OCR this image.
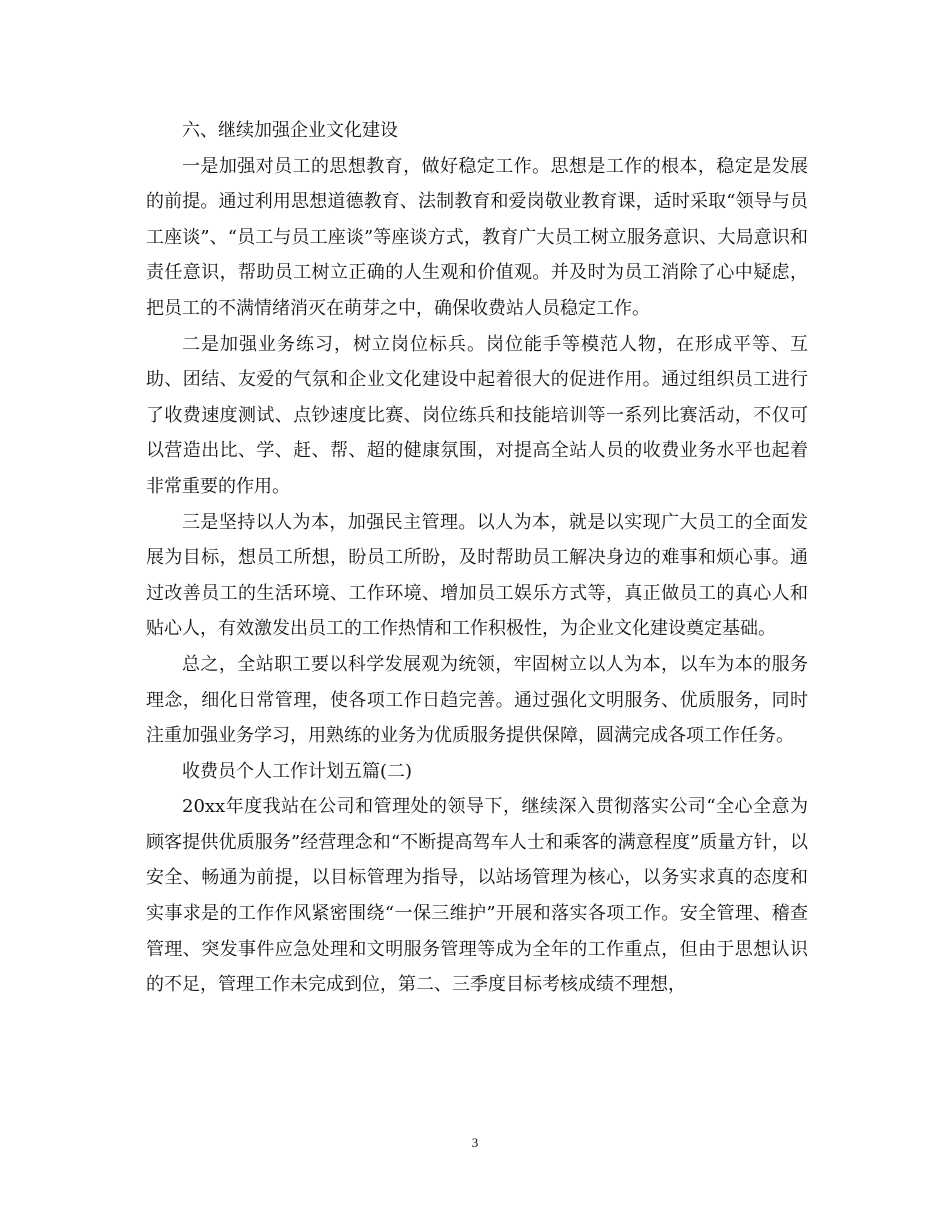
六、继续加强企业文化建设

一是加强对员工的思想教育，做好稳定工作。思想是工作的根本，稳定是发展的前提。通过利用思想道德教育、法制教育和爱岗敬业教育课，适时采取“领导与员工座谈”、“员工与员工座谈”等座谈方式，教育广大员工树立服务意识、大局意识和责任意识，帮助员工树立正确的人生观和价值观。并及时为员工消除了心中疑虑，把员工的不满情绪消灭在萌芽之中，确保收费站人员稳定工作。

二是加强业务练习，树立岗位标兵。岗位能手等模范人物，在形成平等、互助、团结、友爱的气氛和企业文化建设中起着很大的促进作用。通过组织员工进行了收费速度测试、点钞速度比赛、岗位练兵和技能培训等一系列比赛活动，不仅可以营造出比、学、赶、帮、超的健康氛围，对提高全站人员的收费业务水平也起着非常重要的作用。

三是坚持以人为本，加强民主管理。以人为本，就是以实现广大员工的全面发展为目标，想员工所想，盼员工所盼，及时帮助员工解决身边的难事和烦心事。通过改善员工的生活环境、工作环境、增加员工娱乐方式等，真正做员工的真心人和贴心人，有效激发出员工的工作热情和工作积极性，为企业文化建设奠定基础。

总之，全站职工要以科学发展观为统领，牢固树立以人为本，以车为本的服务理念，细化日常管理，使各项工作日趋完善。通过强化文明服务、优质服务，同时注重加强业务学习，用熟练的业务为优质服务提供保障，圆满完成各项工作任务。

收费员个人工作计划五篇(二)

20xx年度我站在公司和管理处的领导下，继续深入贯彻落实公司“全心全意为顾客提供优质服务”经营理念和“不断提高驾车人士和乘客的满意程度”质量方针，以安全、畅通为前提，以目标管理为指导，以站场管理为核心，以务实求真的态度和实事求是的工作作风紧密围绕“一保三维护”开展和落实各项工作。安全管理、稽查管理、突发事件应急处理和文明服务管理等成为全年的工作重点，但由于思想认识的不足，管理工作未完成到位，第二、三季度目标考核成绩不理想，

3
